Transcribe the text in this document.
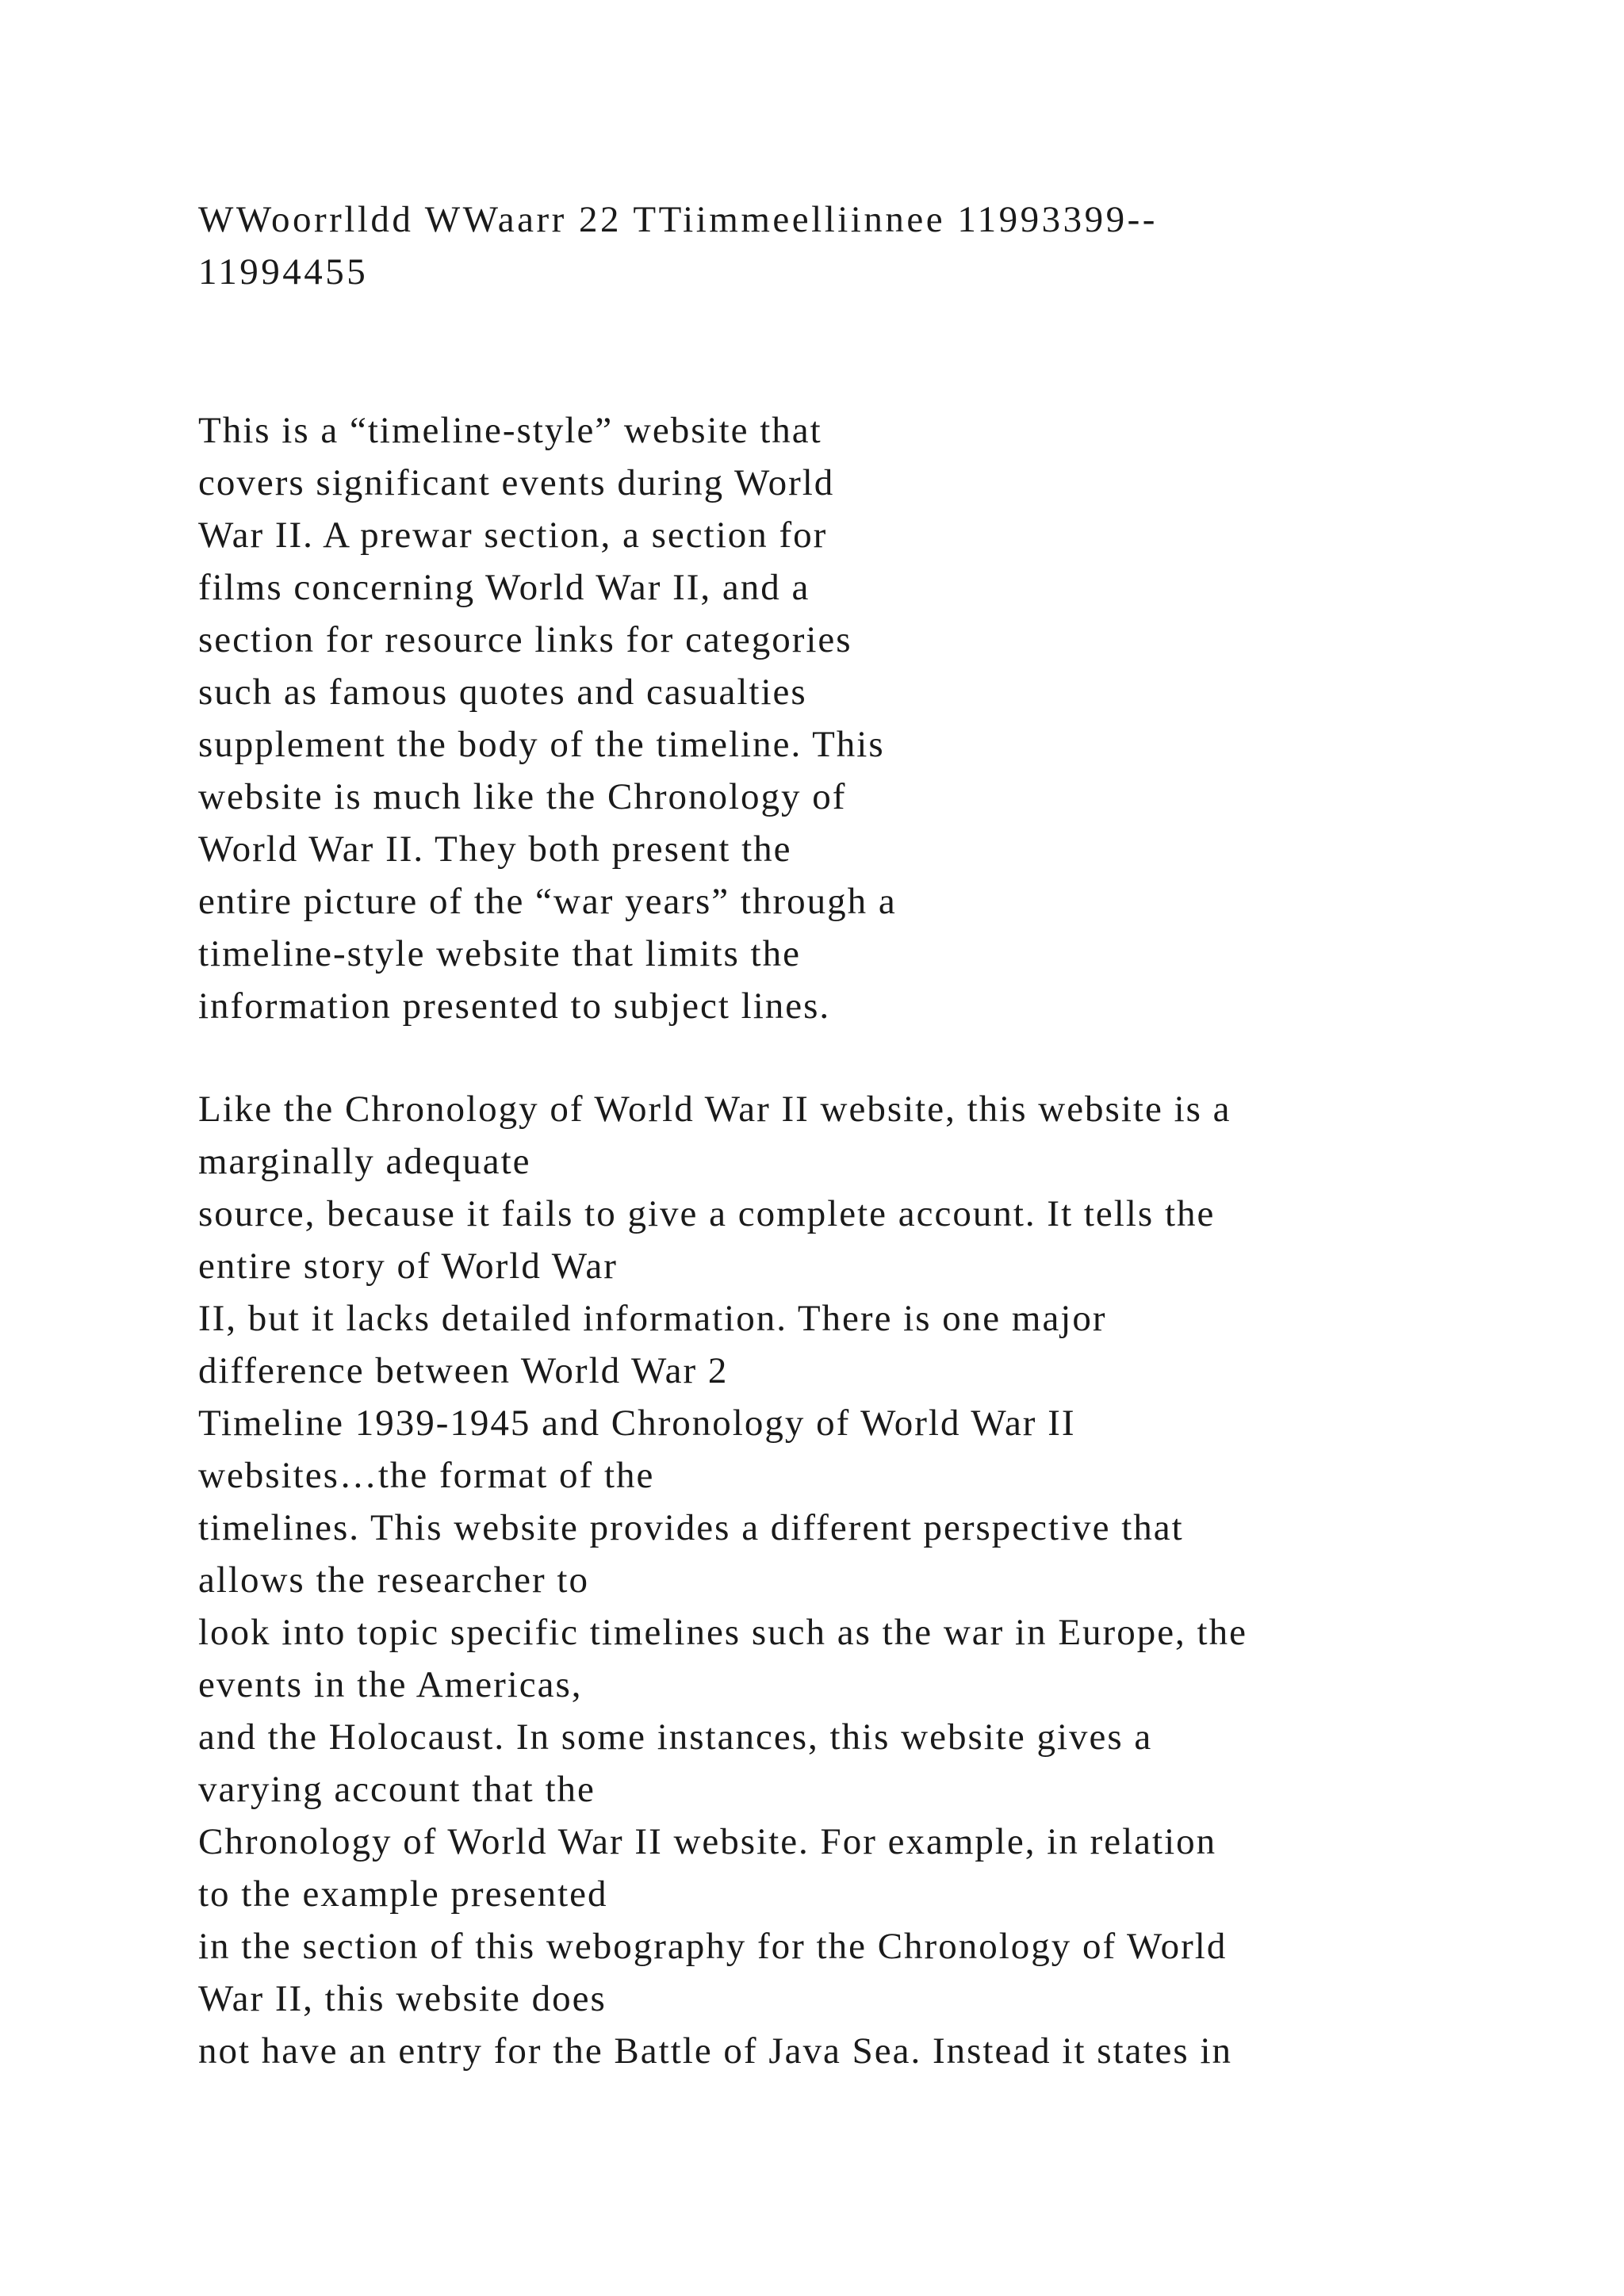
WWoorrlldd WWaarr 22 TTiimmeelliinnee 11993399--
11994455
This is a “timeline-style” website that
covers significant events during World
War II. A prewar section, a section for
films concerning World War II, and a
section for resource links for categories
such as famous quotes and casualties
supplement the body of the timeline. This
website is much like the Chronology of
World War II. They both present the
entire picture of the “war years” through a
timeline-style website that limits the
information presented to subject lines.
Like the Chronology of World War II website, this website is a
marginally adequate
source, because it fails to give a complete account. It tells the
entire story of World War
II, but it lacks detailed information. There is one major
difference between World War 2
Timeline 1939-1945 and Chronology of World War II
websites…the format of the
timelines. This website provides a different perspective that
allows the researcher to
look into topic specific timelines such as the war in Europe, the
events in the Americas,
and the Holocaust. In some instances, this website gives a
varying account that the
Chronology of World War II website. For example, in relation
to the example presented
in the section of this webography for the Chronology of World
War II, this website does
not have an entry for the Battle of Java Sea. Instead it states in
